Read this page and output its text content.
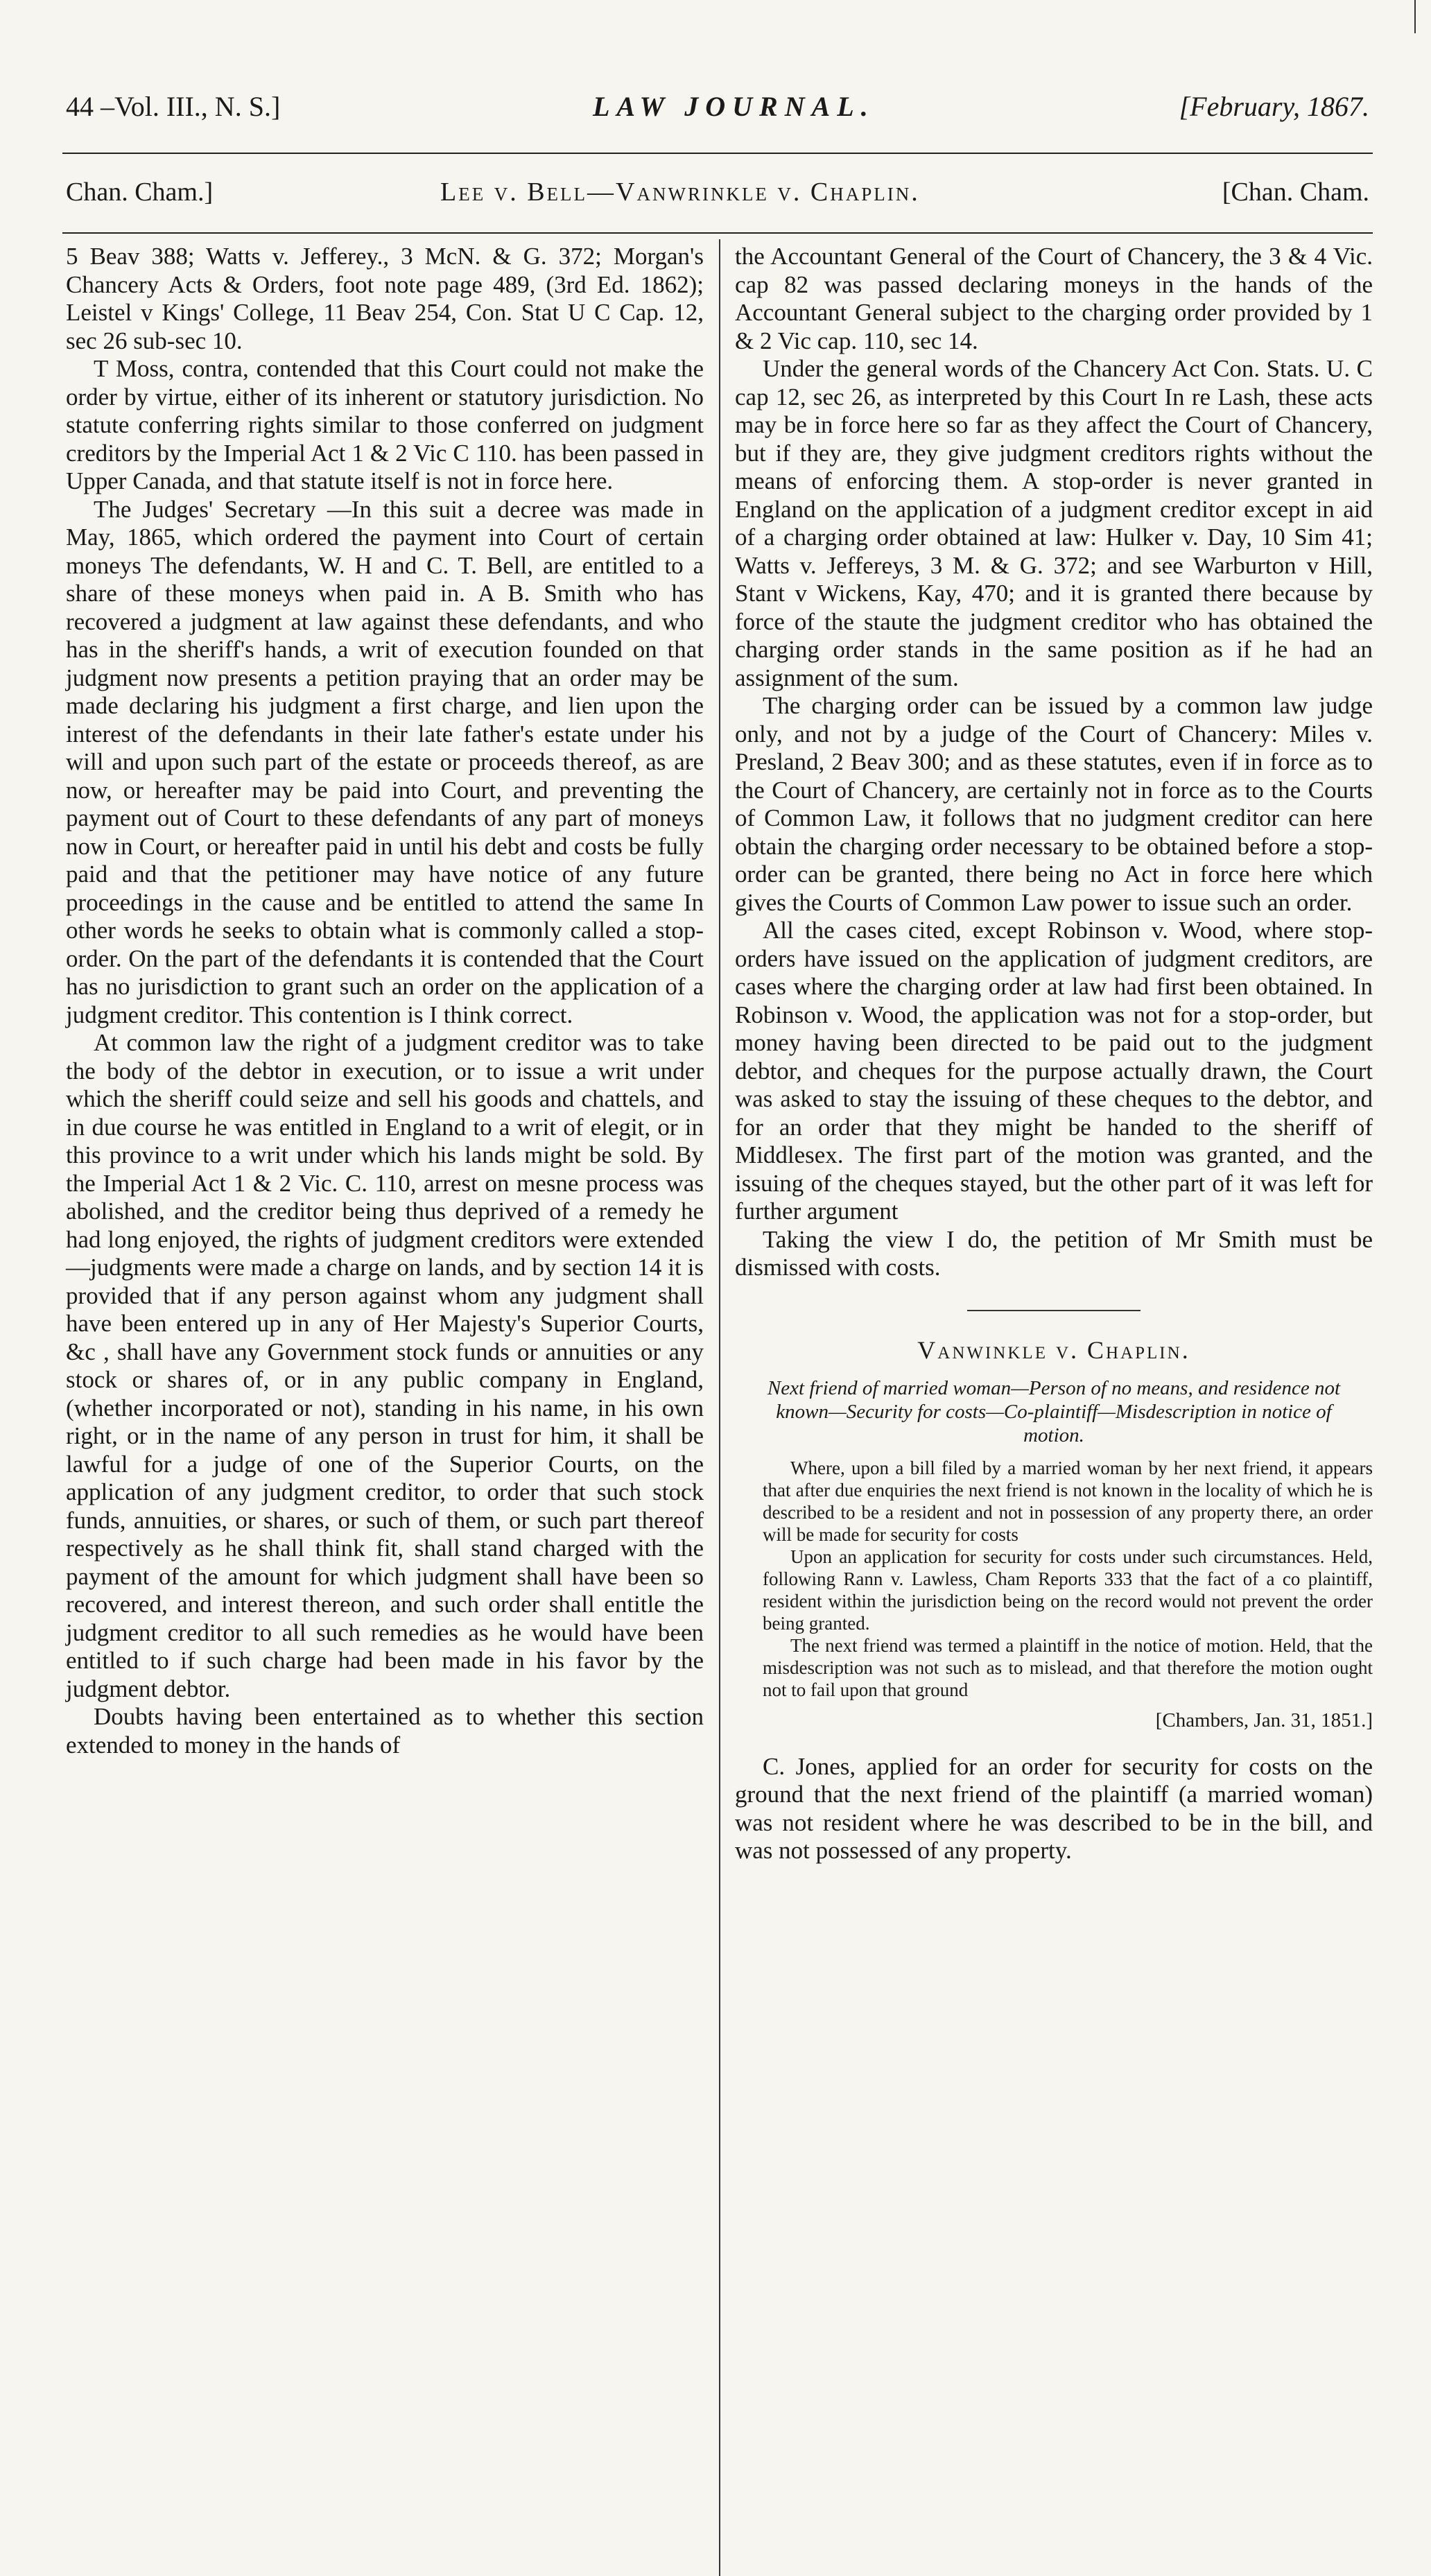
44 –Vol. III., N. S.]	LAW JOURNAL.	[February, 1867.
Chan. Cham.]	Lee v. Bell—Vanwrinkle v. Chaplin.	[Chan. Cham.

5 Beav 388; Watts v. Jefferey., 3 McN. & G. 372; Morgan's Chancery Acts & Orders, foot note page 489, (3rd Ed. 1862); Leistel v Kings' College, 11 Beav 254, Con. Stat U C Cap. 12, sec 26 sub-sec 10.

T Moss, contra, contended that this Court could not make the order by virtue, either of its inherent or statutory jurisdiction. No statute conferring rights similar to those conferred on judgment creditors by the Imperial Act 1 & 2 Vic C 110. has been passed in Upper Canada, and that statute itself is not in force here.

The Judges' Secretary —In this suit a decree was made in May, 1865, which ordered the payment into Court of certain moneys The defendants, W. H and C. T. Bell, are entitled to a share of these moneys when paid in. A B. Smith who has recovered a judgment at law against these defendants, and who has in the sheriff's hands, a writ of execution founded on that judgment now presents a petition praying that an order may be made declaring his judgment a first charge, and lien upon the interest of the defendants in their late father's estate under his will and upon such part of the estate or proceeds thereof, as are now, or hereafter may be paid into Court, and preventing the payment out of Court to these defendants of any part of moneys now in Court, or hereafter paid in until his debt and costs be fully paid and that the petitioner may have notice of any future proceedings in the cause and be entitled to attend the same In other words he seeks to obtain what is commonly called a stop-order. On the part of the defendants it is contended that the Court has no jurisdiction to grant such an order on the application of a judgment creditor. This contention is I think correct.

At common law the right of a judgment creditor was to take the body of the debtor in execution, or to issue a writ under which the sheriff could seize and sell his goods and chattels, and in due course he was entitled in England to a writ of elegit, or in this province to a writ under which his lands might be sold. By the Imperial Act 1 & 2 Vic. C. 110, arrest on mesne process was abolished, and the creditor being thus deprived of a remedy he had long enjoyed, the rights of judgment creditors were extended—judgments were made a charge on lands, and by section 14 it is provided that if any person against whom any judgment shall have been entered up in any of Her Majesty's Superior Courts, &c , shall have any Government stock funds or annuities or any stock or shares of, or in any public company in England, (whether incorporated or not), standing in his name, in his own right, or in the name of any person in trust for him, it shall be lawful for a judge of one of the Superior Courts, on the application of any judgment creditor, to order that such stock funds, annuities, or shares, or such of them, or such part thereof respectively as he shall think fit, shall stand charged with the payment of the amount for which judgment shall have been so recovered, and interest thereon, and such order shall entitle the judgment creditor to all such remedies as he would have been entitled to if such charge had been made in his favor by the judgment debtor.

Doubts having been entertained as to whether this section extended to money in the hands of

the Accountant General of the Court of Chancery, the 3 & 4 Vic. cap 82 was passed declaring moneys in the hands of the Accountant General subject to the charging order provided by 1 & 2 Vic cap. 110, sec 14.

Under the general words of the Chancery Act Con. Stats. U. C cap 12, sec 26, as interpreted by this Court In re Lash, these acts may be in force here so far as they affect the Court of Chancery, but if they are, they give judgment creditors rights without the means of enforcing them. A stop-order is never granted in England on the application of a judgment creditor except in aid of a charging order obtained at law: Hulker v. Day, 10 Sim 41; Watts v. Jeffereys, 3 M. & G. 372; and see Warburton v Hill, Stant v Wickens, Kay, 470; and it is granted there because by force of the staute the judgment creditor who has obtained the charging order stands in the same position as if he had an assignment of the sum.

The charging order can be issued by a common law judge only, and not by a judge of the Court of Chancery: Miles v. Presland, 2 Beav 300; and as these statutes, even if in force as to the Court of Chancery, are certainly not in force as to the Courts of Common Law, it follows that no judgment creditor can here obtain the charging order necessary to be obtained before a stop-order can be granted, there being no Act in force here which gives the Courts of Common Law power to issue such an order.

All the cases cited, except Robinson v. Wood, where stop-orders have issued on the application of judgment creditors, are cases where the charging order at law had first been obtained. In Robinson v. Wood, the application was not for a stop-order, but money having been directed to be paid out to the judgment debtor, and cheques for the purpose actually drawn, the Court was asked to stay the issuing of these cheques to the debtor, and for an order that they might be handed to the sheriff of Middlesex. The first part of the motion was granted, and the issuing of the cheques stayed, but the other part of it was left for further argument

Taking the view I do, the petition of Mr Smith must be dismissed with costs.

Vanwinkle v. Chaplin.
Next friend of married woman—Person of no means, and residence not known—Security for costs—Co-plaintiff—Misdescription in notice of motion.

Where, upon a bill filed by a married woman by her next friend, it appears that after due enquiries the next friend is not known in the locality of which he is described to be a resident and not in possession of any property there, an order will be made for security for costs

Upon an application for security for costs under such circumstances. Held, following Rann v. Lawless, Cham Reports 333 that the fact of a co plaintiff, resident within the jurisdiction being on the record would not prevent the order being granted.

The next friend was termed a plaintiff in the notice of motion. Held, that the misdescription was not such as to mislead, and that therefore the motion ought not to fail upon that ground

[Chambers, Jan. 31, 1851.]

C. Jones, applied for an order for security for costs on the ground that the next friend of the plaintiff (a married woman) was not resident where he was described to be in the bill, and was not possessed of any property.
